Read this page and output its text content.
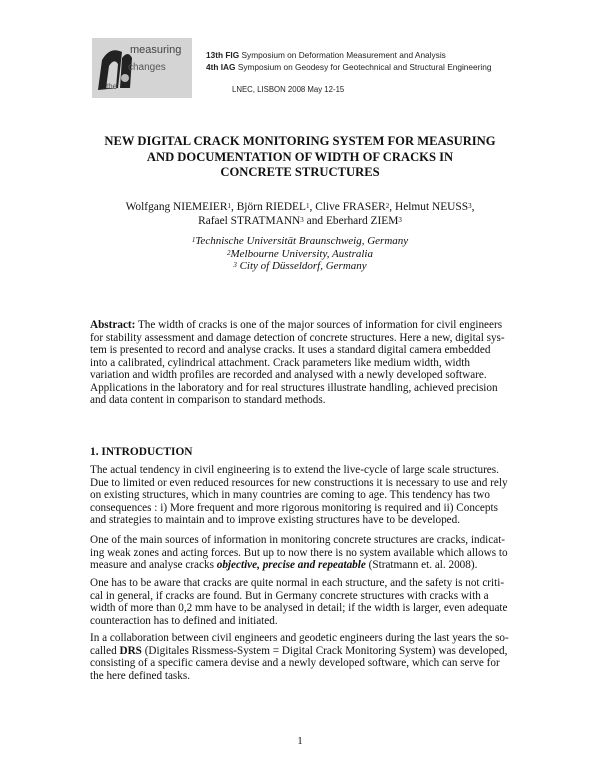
measuring
changes
the
13th FIG Symposium on Deformation Measurement and Analysis
4th IAG Symposium on Geodesy for Geotechnical and Structural Engineering
LNEC, LISBON 2008 May 12-15
NEW DIGITAL CRACK MONITORING SYSTEM FOR MEASURING
AND DOCUMENTATION OF WIDTH OF CRACKS IN
CONCRETE STRUCTURES

Wolfgang NIEMEIER$^1$, Björn RIEDEL$^1$, Clive FRASER$^2$, Helmut NEUSS$^3$,
Rafael STRATMANN$^3$ and Eberhard ZIEM$^3$

$^1$Technische Universität Braunschweig, Germany
$^2$Melbourne University, Australia
$^3$ City of Düsseldorf, Germany

Abstract: The width of cracks is one of the major sources of information for civil engineers for stability assessment and damage detection of concrete structures. Here a new, digital sys-tem is presented to record and analyse cracks. It uses a standard digital camera embedded into a calibrated, cylindrical attachment. Crack parameters like medium width, width variation and width profiles are recorded and analysed with a newly developed software. Applications in the laboratory and for real structures illustrate handling, achieved precision and data content in comparison to standard methods.

1. INTRODUCTION

The actual tendency in civil engineering is to extend the live-cycle of large scale structures. Due to limited or even reduced resources for new constructions it is necessary to use and rely on existing structures, which in many countries are coming to age. This tendency has two consequences : i) More frequent and more rigorous monitoring is required and ii) Concepts and strategies to maintain and to improve existing structures have to be developed.

One of the main sources of information in monitoring concrete structures are cracks, indicat-ing weak zones and acting forces. But up to now there is no system available which allows to measure and analyse cracks objective, precise and repeatable (Stratmann et. al. 2008).

One has to be aware that cracks are quite normal in each structure, and the safety is not criti-cal in general, if cracks are found. But in Germany concrete structures with cracks with a width of more than 0,2 mm have to be analysed in detail; if the width is larger, even adequate counteraction has to defined and initiated.

In a collaboration between civil engineers and geodetic engineers during the last years the so-called DRS (Digitales Rissmess-System = Digital Crack Monitoring System) was developed, consisting of a specific camera devise and a newly developed software, which can serve for the here defined tasks.

1
